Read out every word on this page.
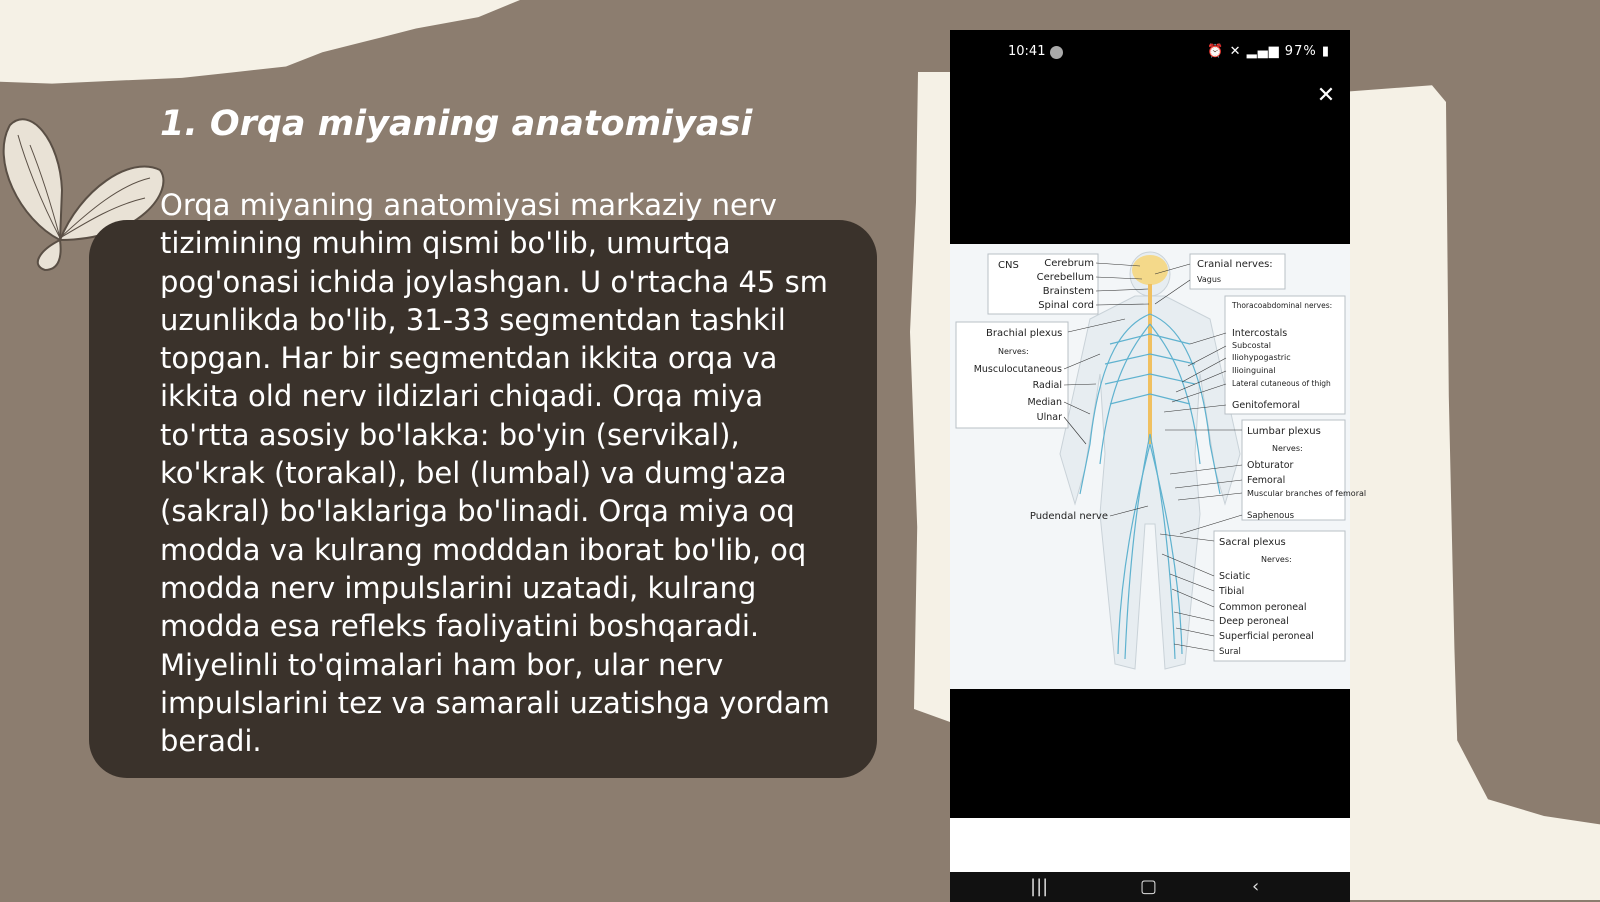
1. Orqa miyaning anatomiyasi

Orqa miyaning anatomiyasi markaziy nerv tizimining muhim qismi bo'lib, umurtqa pog'onasi ichida joylashgan. U o'rtacha 45 sm uzunlikda bo'lib, 31-33 segmentdan tashkil topgan. Har bir segmentdan ikkita orqa va ikkita old nerv ildizlari chiqadi. Orqa miya to'rtta asosiy bo'lakka: bo'yin (servikal), ko'krak (torakal), bel (lumbal) va dumg'aza (sakral) bo'laklariga bo'linadi. Orqa miya oq modda va kulrang modddan iborat bo'lib, oq modda nerv impulslarini uzatadi, kulrang modda esa refleks faoliyatini boshqaradi. Miyelinli to'qimalari ham bor, ular nerv impulslarini tez va samarali uzatishga yordam beradi.

10:41	⏰ ✕ ▂▄▆ 97% ▮
✕
CNS	Cerebrum
Cerebellum
Brainstem
Spinal cord
Cranial nerves:
Vagus
Thoracoabdominal nerves:
Intercostals
Subcostal
Iliohypogastric
Ilioinguinal
Lateral cutaneous of thigh
Genitofemoral
Brachial plexus
Nerves:
Musculocutaneous
Radial
Median
Ulnar
Lumbar plexus
Nerves:
Obturator
Femoral
Muscular branches of femoral
Saphenous
Pudendal nerve
Sacral plexus
Nerves:
Sciatic
Tibial
Common peroneal
Deep peroneal
Superficial peroneal
Sural
|||	▢	‹
